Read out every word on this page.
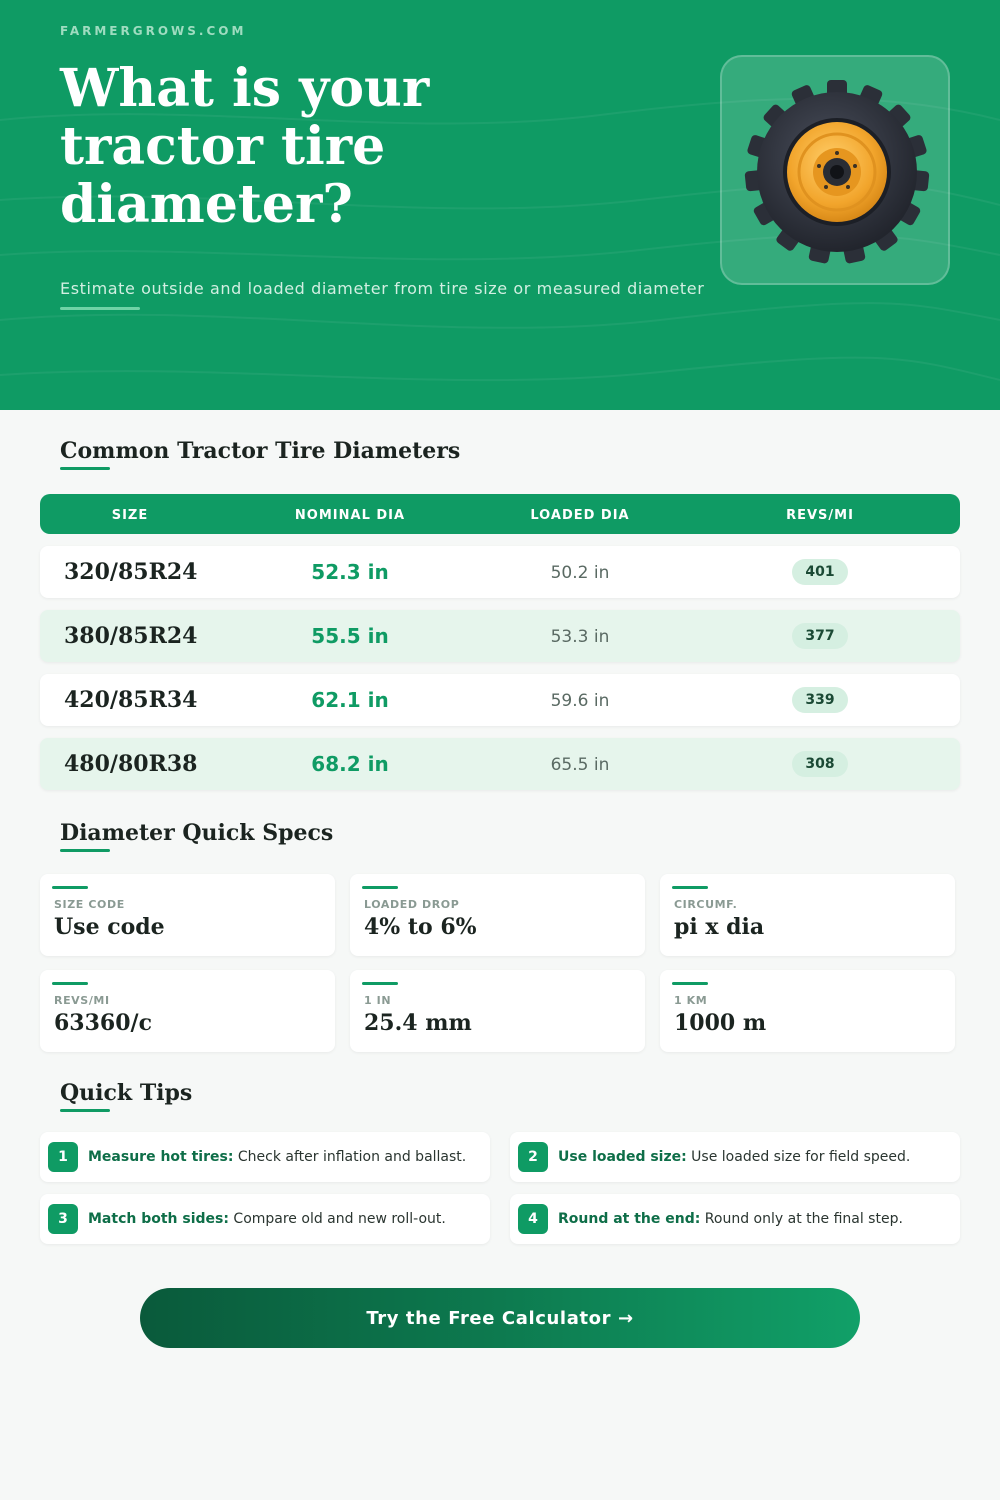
FARMERGROWS.COM
What is your tractor tire diameter?
Estimate outside and loaded diameter from tire size or measured diameter
Common Tractor Tire Diameters
SIZE	NOMINAL DIA	LOADED DIA	REVS/MI
320/85R24	52.3 in	50.2 in	401
380/85R24	55.5 in	53.3 in	377
420/85R34	62.1 in	59.6 in	339
480/80R38	68.2 in	65.5 in	308
Diameter Quick Specs
SIZE CODE
Use code
LOADED DROP
4% to 6%
CIRCUMF.
pi x dia
REVS/MI
63360/c
1 IN
25.4 mm
1 KM
1000 m
Quick Tips
1	Measure hot tires: Check after inflation and ballast.	2	Use loaded size: Use loaded size for field speed.
3	Match both sides: Compare old and new roll-out.	4	Round at the end: Round only at the final step.
Try the Free Calculator →
